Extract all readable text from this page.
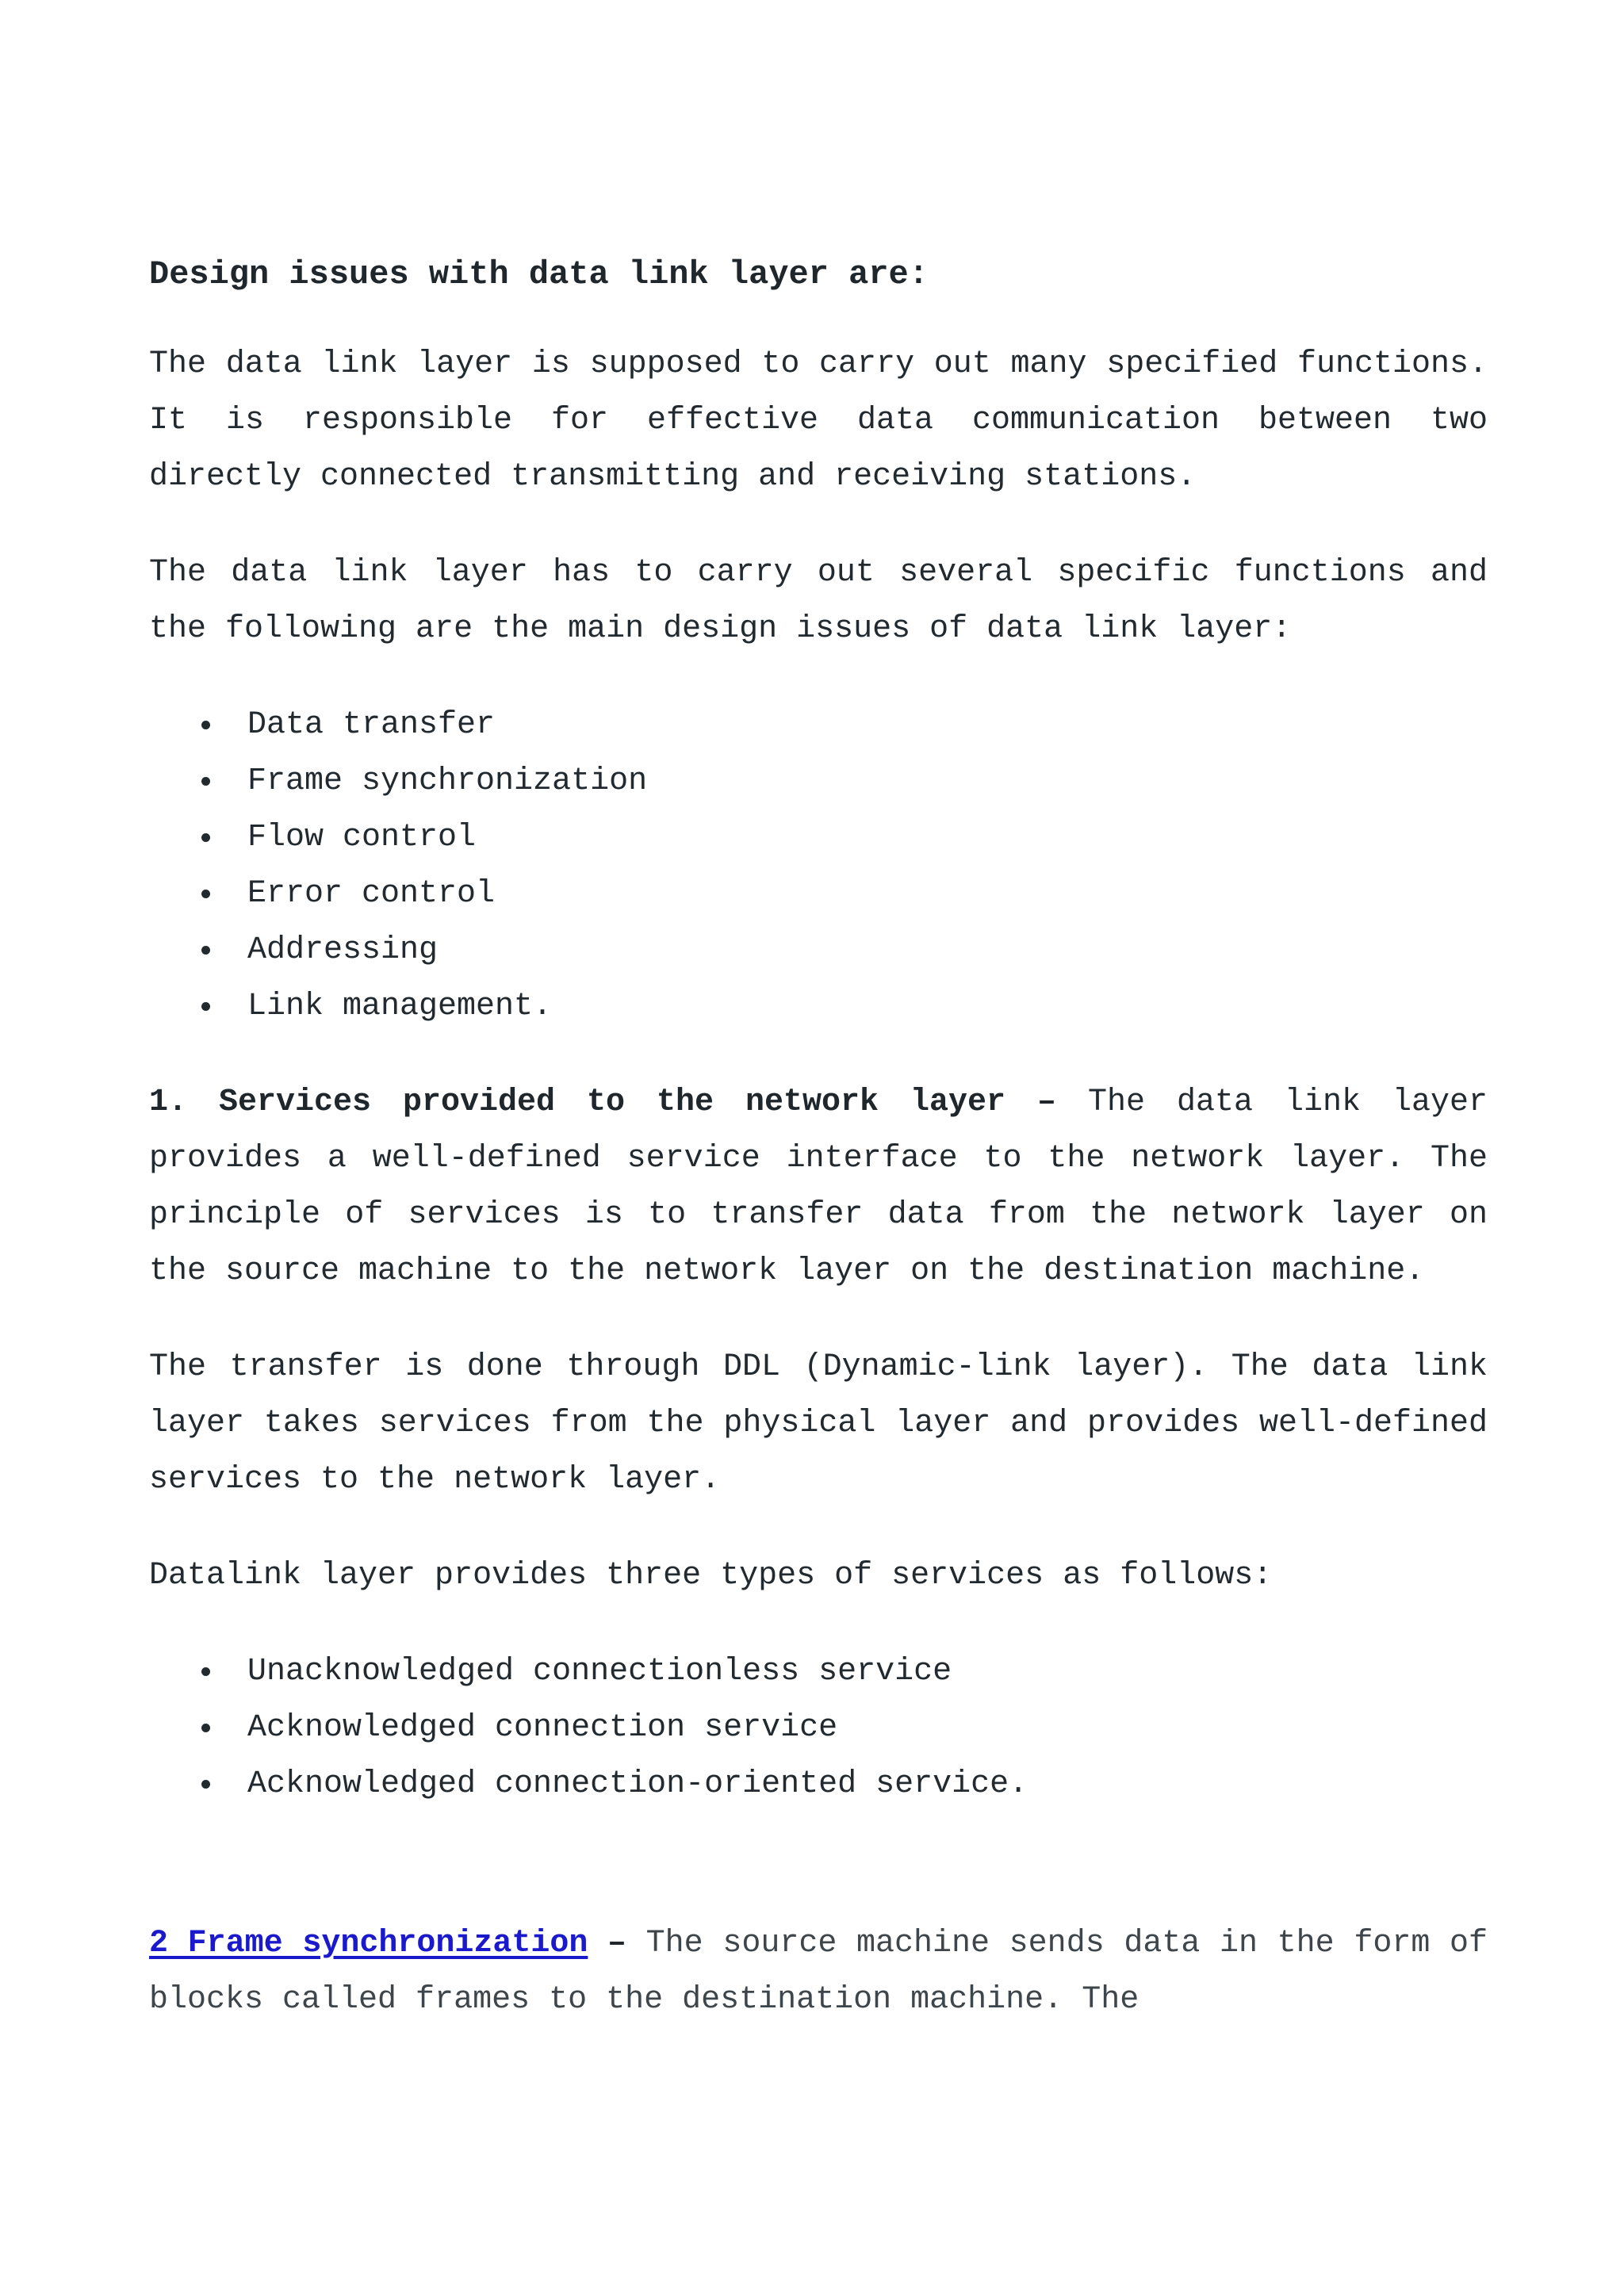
Design issues with data link layer are:

The data link layer is supposed to carry out many specified functions. It is responsible for effective data communication between two directly connected transmitting and receiving stations.

The data link layer has to carry out several specific functions and the following are the main design issues of data link layer:

Data transfer
Frame synchronization
Flow control
Error control
Addressing
Link management.

1. Services provided to the network layer – The data link layer provides a well-defined service interface to the network layer. The principle of services is to transfer data from the network layer on the source machine to the network layer on the destination machine.

The transfer is done through DDL (Dynamic-link layer). The data link layer takes services from the physical layer and provides well-defined services to the network layer.

Datalink layer provides three types of services as follows:

Unacknowledged connectionless service
Acknowledged connection service
Acknowledged connection-oriented service.

2 Frame synchronization – The source machine sends data in the form of blocks called frames to the destination machine. The
